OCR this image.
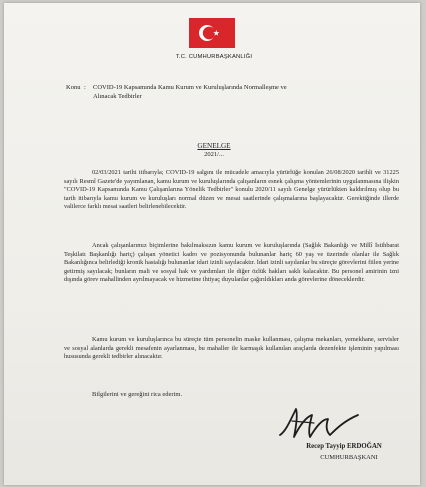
T.C. CUMHURBAŞKANLIĞI
Konu : COVID-19 Kapsamında Kamu Kurum ve Kuruluşlarında Normalleşme ve Alınacak Tedbirler
GENELGE
2021/...
02/03/2021 tarihi itibarıyla; COVID-19 salgını ile mücadele amacıyla yürürlüğe konulan 26/08/2020 tarihli ve 31225 sayılı Resmî Gazete'de yayımlanan, kamu kurum ve kuruluşlarında çalışanların esnek çalışma yöntemlerinin uygulanmasına ilişkin "COVID-19 Kapsamında Kamu Çalışanlarına Yönelik Tedbirler" konulu 2020/11 sayılı Genelge yürürlükten kaldırılmış olup bu tarih itibarıyla kamu kurum ve kuruluşları normal düzen ve mesai saatlerinde çalışmalarına başlayacaktır. Gerektiğinde illerde valilerce farklı mesai saatleri belirlenebilecektir.
Ancak çalışanlarımız biçimlerine bakılmaksızın kamu kurum ve kuruluşlarında (Sağlık Bakanlığı ve Millî İstihbarat Teşkilatı Başkanlığı hariç) çalışan yönetici kadro ve pozisyonunda bulunanlar hariç 60 yaş ve üzerinde olanlar ile Sağlık Bakanlığınca belirlediği kronik hastalığı bulunanlar idari izinli sayılacaktır. İdari izinli sayılanlar bu süreçte görevlerini fiilen yerine getirmiş sayılacak; bunların mali ve sosyal hak ve yardımları ile diğer özlük hakları saklı kalacaktır. Bu personel amirinin izni dışında görev mahallinden ayrılmayacak ve hizmetine ihtiyaç duyulanlar çağırıldıkları anda görevlerine döneceklerdir.
Kamu kurum ve kuruluşlarınca bu süreçte tüm personelin maske kullanması, çalışma mekanları, yemekhane, servisler ve sosyal alanlarda gerekli mesafenin ayarlanması, bu mahaller ile karmaşık kullanılan araçlarda dezenfekte işleminin yapılması hususunda gerekli tedbirler alınacaktır.
Bilgilerini ve gereğini rica ederim.
Recep Tayyip ERDOĞAN
CUMHURBAŞKANI
